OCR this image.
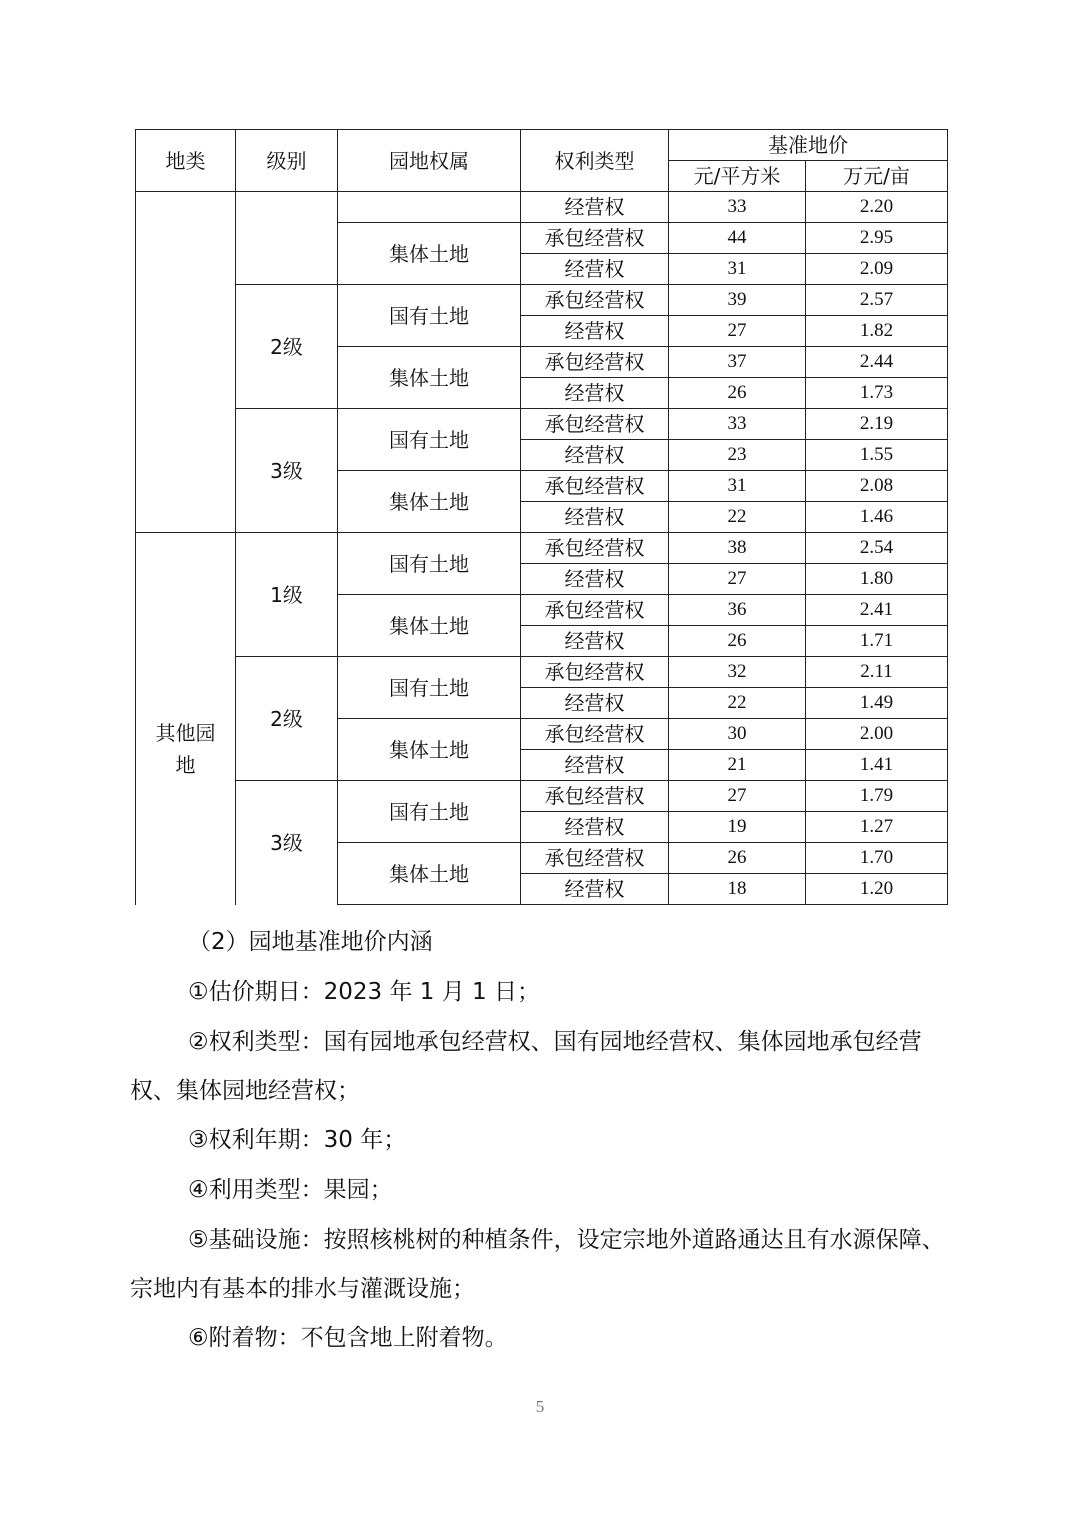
地类	级别	园地权属	权利类型	基准地价	
				元/平方米	万元/亩
			经营权	33	2.20
		集体土地	承包经营权	44	2.95
			经营权	31	2.09
	2级	国有土地	承包经营权	39	2.57
			经营权	27	1.82
		集体土地	承包经营权	37	2.44
			经营权	26	1.73
	3级	国有土地	承包经营权	33	2.19
			经营权	23	1.55
		集体土地	承包经营权	31	2.08
			经营权	22	1.46
其他园地	1级	国有土地	承包经营权	38	2.54
			经营权	27	1.80
		集体土地	承包经营权	36	2.41
			经营权	26	1.71
	2级	国有土地	承包经营权	32	2.11
			经营权	22	1.49
		集体土地	承包经营权	30	2.00
			经营权	21	1.41
	3级	国有土地	承包经营权	27	1.79
			经营权	19	1.27
		集体土地	承包经营权	26	1.70
			经营权	18	1.20

（2）园地基准地价内涵

①估价期日：2023 年 1 月 1 日；

②权利类型：国有园地承包经营权、国有园地经营权、集体园地承包经营权、集体园地经营权；

③权利年期：30 年；

④利用类型：果园；

⑤基础设施：按照核桃树的种植条件，设定宗地外道路通达且有水源保障、宗地内有基本的排水与灌溉设施；

⑥附着物：不包含地上附着物。

5
